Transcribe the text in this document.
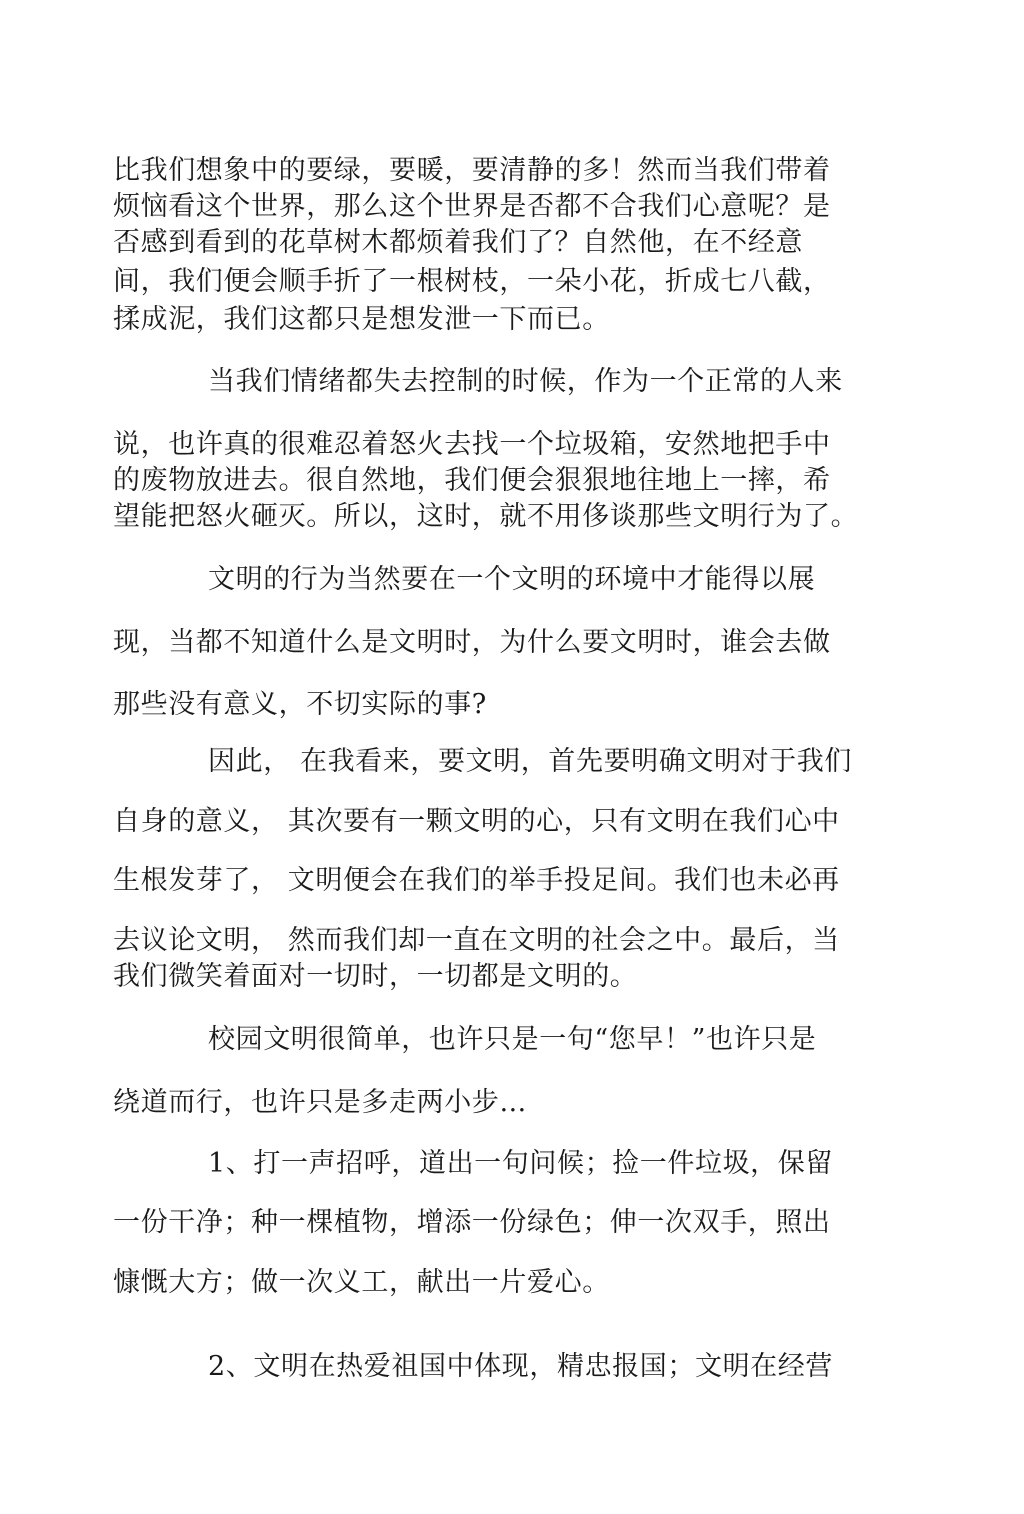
比我们想象中的要绿，要暖，要清静的多！然而当我们带着
烦恼看这个世界，那么这个世界是否都不合我们心意呢？是
否感到看到的花草树木都烦着我们了？自然他，在不经意
间，我们便会顺手折了一根树枝，一朵小花，折成七八截，
揉成泥，我们这都只是想发泄一下而已。
当我们情绪都失去控制的时候，作为一个正常的人来
说，也许真的很难忍着怒火去找一个垃圾箱，安然地把手中
的废物放进去。很自然地，我们便会狠狠地往地上一摔，希
望能把怒火砸灭。所以，这时，就不用侈谈那些文明行为了。
文明的行为当然要在一个文明的环境中才能得以展
现，当都不知道什么是文明时，为什么要文明时，谁会去做
那些没有意义，不切实际的事?
因此， 在我看来，要文明，首先要明确文明对于我们
自身的意义， 其次要有一颗文明的心，只有文明在我们心中
生根发芽了， 文明便会在我们的举手投足间。我们也未必再
去议论文明， 然而我们却一直在文明的社会之中。最后，当
我们微笑着面对一切时，一切都是文明的。
校园文明很简单，也许只是一句“您早！”也许只是
绕道而行，也许只是多走两小步…
1、打一声招呼，道出一句问候；捡一件垃圾，保留
一份干净；种一棵植物，增添一份绿色；伸一次双手，照出
慷慨大方；做一次义工，献出一片爱心。
2、文明在热爱祖国中体现，精忠报国；文明在经营
